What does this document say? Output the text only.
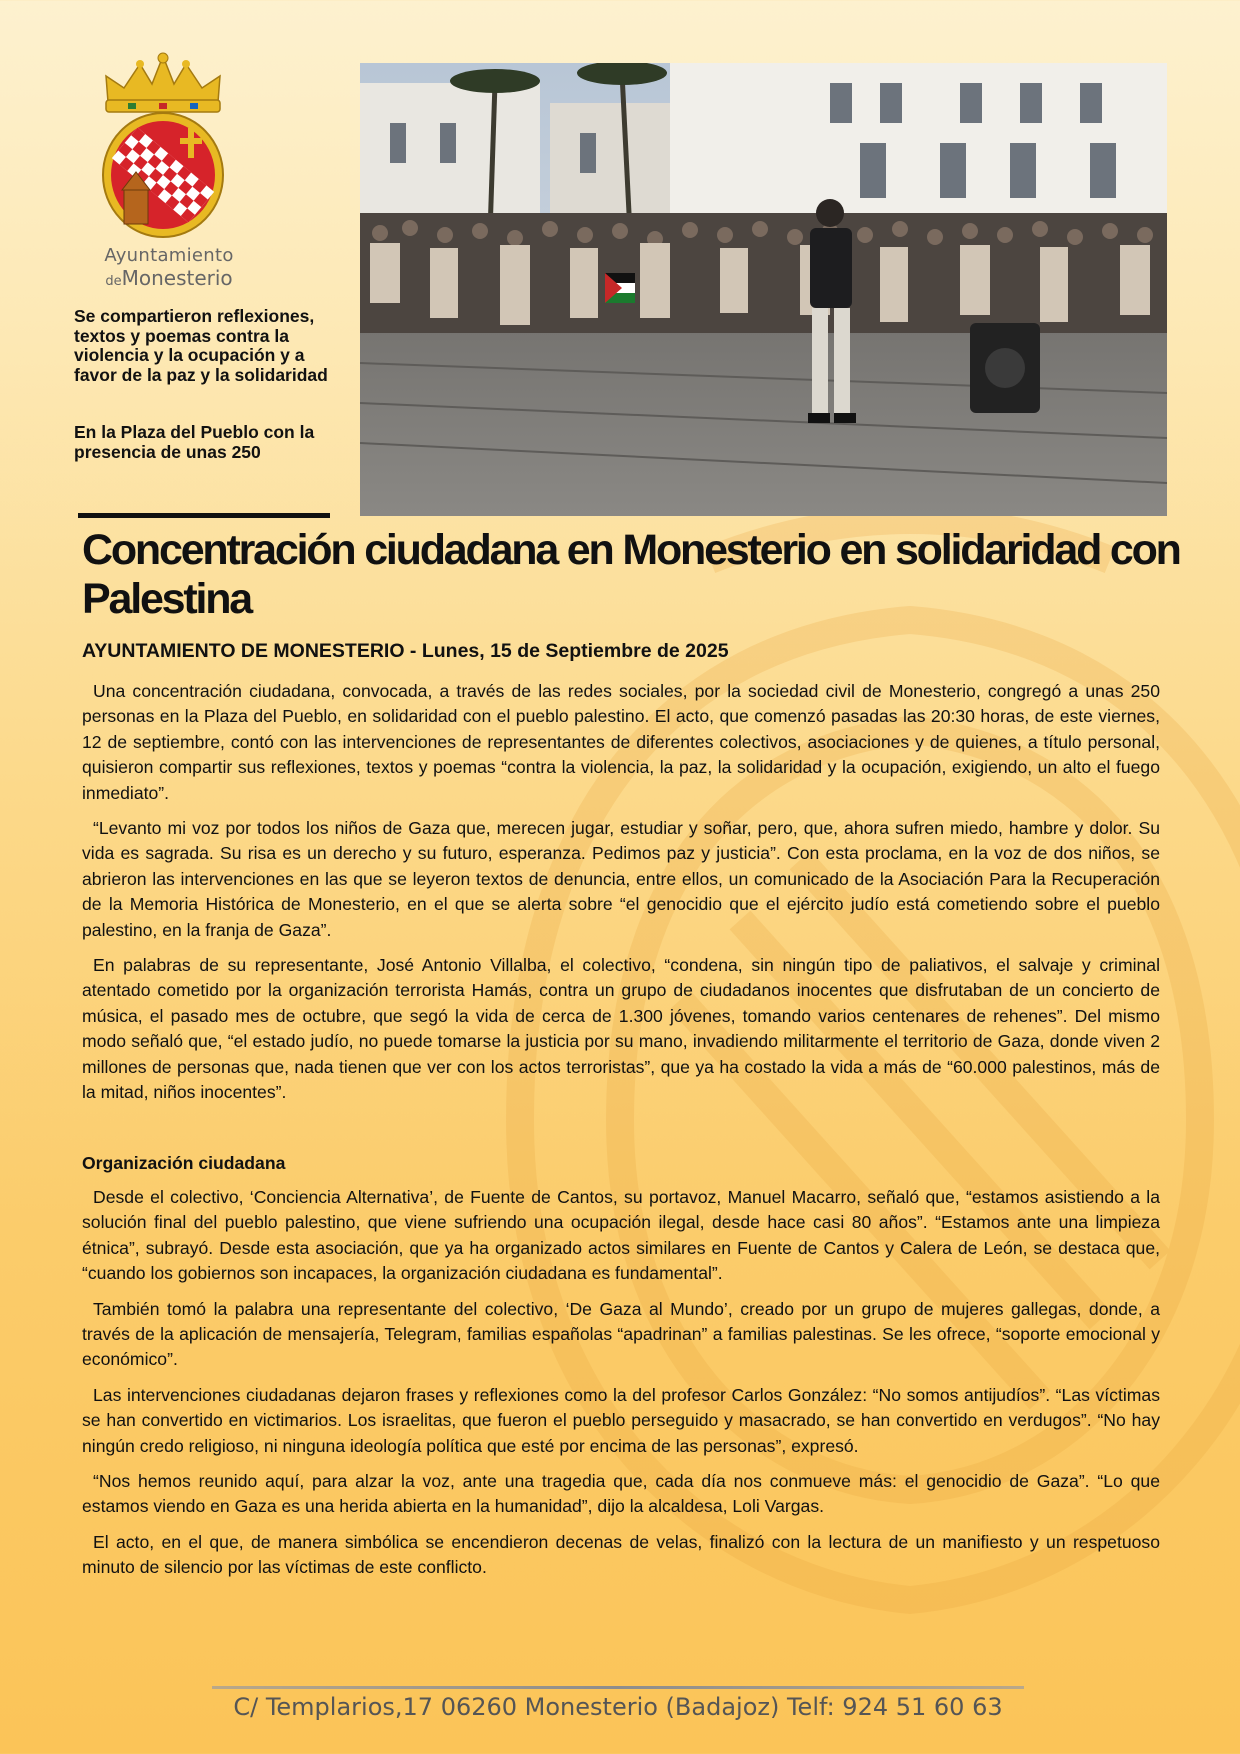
Ayuntamiento
deMonesterio
Se compartieron reflexiones, textos y poemas contra la violencia y la ocupación y a favor de la paz y la solidaridad
En la Plaza del Pueblo con la presencia de unas 250
Concentración ciudadana en Monesterio en solidaridad con Palestina
AYUNTAMIENTO DE MONESTERIO - Lunes, 15 de Septiembre de 2025

Una concentración ciudadana, convocada, a través de las redes sociales, por la sociedad civil de Monesterio, congregó a unas 250 personas en la Plaza del Pueblo, en solidaridad con el pueblo palestino. El acto, que comenzó pasadas las 20:30 horas, de este viernes, 12 de septiembre, contó con las intervenciones de representantes de diferentes colectivos, asociaciones y de quienes, a título personal, quisieron compartir sus reflexiones, textos y poemas “contra la violencia, la paz, la solidaridad y la ocupación, exigiendo, un alto el fuego inmediato”.

“Levanto mi voz por todos los niños de Gaza que, merecen jugar, estudiar y soñar, pero, que, ahora sufren miedo, hambre y dolor. Su vida es sagrada. Su risa es un derecho y su futuro, esperanza. Pedimos paz y justicia”. Con esta proclama, en la voz de dos niños, se abrieron las intervenciones en las que se leyeron textos de denuncia, entre ellos, un comunicado de la Asociación Para la Recuperación de la Memoria Histórica de Monesterio, en el que se alerta sobre “el genocidio que el ejército judío está cometiendo sobre el pueblo palestino, en la franja de Gaza”.

En palabras de su representante, José Antonio Villalba, el colectivo, “condena, sin ningún tipo de paliativos, el salvaje y criminal atentado cometido por la organización terrorista Hamás, contra un grupo de ciudadanos inocentes que disfrutaban de un concierto de música, el pasado mes de octubre, que segó la vida de cerca de 1.300 jóvenes, tomando varios centenares de rehenes”. Del mismo modo señaló que, “el estado judío, no puede tomarse la justicia por su mano, invadiendo militarmente el territorio de Gaza, donde viven 2 millones de personas que, nada tienen que ver con los actos terroristas”, que ya ha costado la vida a más de “60.000 palestinos, más de la mitad, niños inocentes”.

Organización ciudadana

Desde el colectivo, ‘Conciencia Alternativa’, de Fuente de Cantos, su portavoz, Manuel Macarro, señaló que, “estamos asistiendo a la solución final del pueblo palestino, que viene sufriendo una ocupación ilegal, desde hace casi 80 años”. “Estamos ante una limpieza étnica”, subrayó. Desde esta asociación, que ya ha organizado actos similares en Fuente de Cantos y Calera de León, se destaca que, “cuando los gobiernos son incapaces, la organización ciudadana es fundamental”.

También tomó la palabra una representante del colectivo, ‘De Gaza al Mundo’, creado por un grupo de mujeres gallegas, donde, a través de la aplicación de mensajería, Telegram, familias españolas “apadrinan” a familias palestinas. Se les ofrece, “soporte emocional y económico”.

Las intervenciones ciudadanas dejaron frases y reflexiones como la del profesor Carlos González: “No somos antijudíos”. “Las víctimas se han convertido en victimarios. Los israelitas, que fueron el pueblo perseguido y masacrado, se han convertido en verdugos”. “No hay ningún credo religioso, ni ninguna ideología política que esté por encima de las personas”, expresó.

“Nos hemos reunido aquí, para alzar la voz, ante una tragedia que, cada día nos conmueve más: el genocidio de Gaza”. “Lo que estamos viendo en Gaza es una herida abierta en la humanidad”, dijo la alcaldesa, Loli Vargas.

El acto, en el que, de manera simbólica se encendieron decenas de velas, finalizó con la lectura de un manifiesto y un respetuoso minuto de silencio por las víctimas de este conflicto.

C/ Templarios,17 06260 Monesterio (Badajoz) Telf: 924 51 60 63
